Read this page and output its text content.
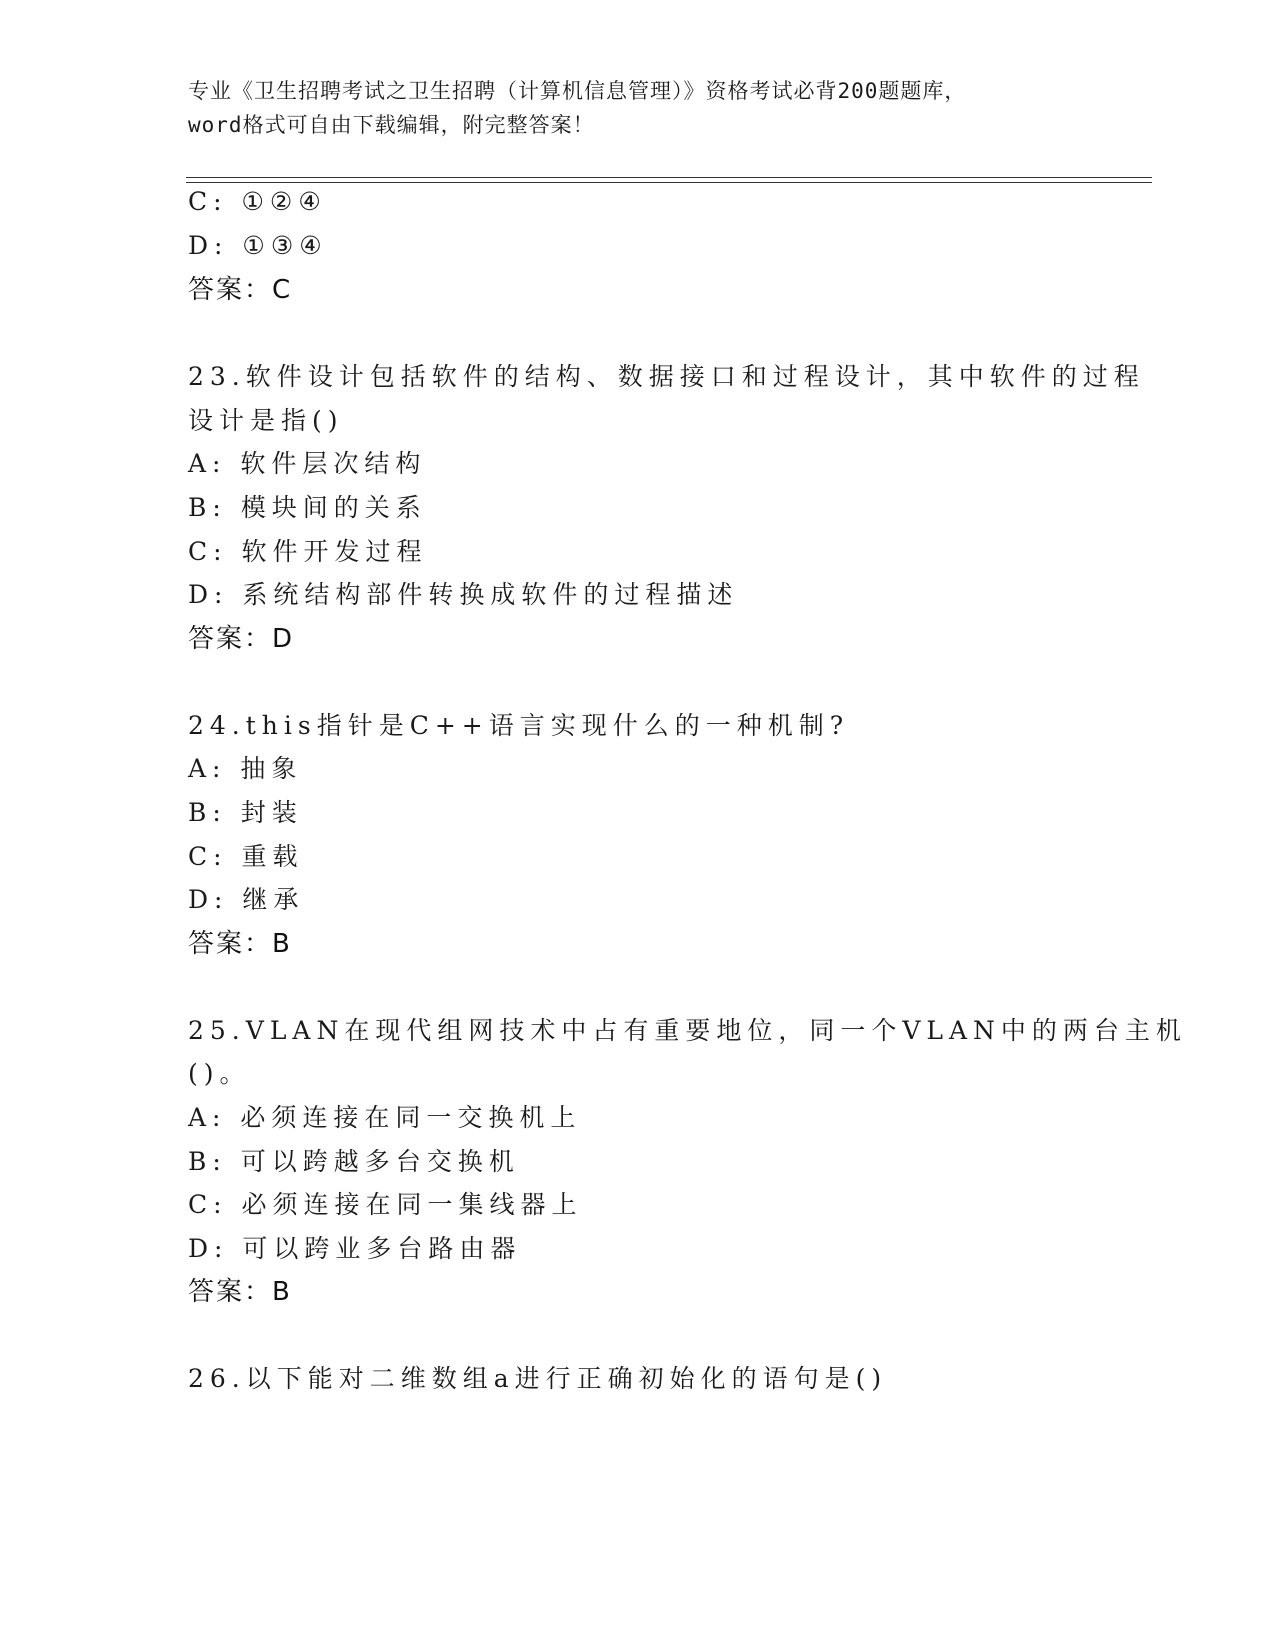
专业《卫生招聘考试之卫生招聘（计算机信息管理）》资格考试必背200题题库，
word格式可自由下载编辑，附完整答案！
C: ①②④
D: ①③④
答案：C
23.软件设计包括软件的结构、数据接口和过程设计，其中软件的过程
设计是指()
A: 软件层次结构
B: 模块间的关系
C: 软件开发过程
D: 系统结构部件转换成软件的过程描述
答案：D
24.this指针是C++语言实现什么的一种机制?
A: 抽象
B: 封装
C: 重载
D: 继承
答案：B
25.VLAN在现代组网技术中占有重要地位，同一个VLAN中的两台主机
()。
A: 必须连接在同一交换机上
B: 可以跨越多台交换机
C: 必须连接在同一集线器上
D: 可以跨业多台路由器
答案：B
26.以下能对二维数组a进行正确初始化的语句是()
